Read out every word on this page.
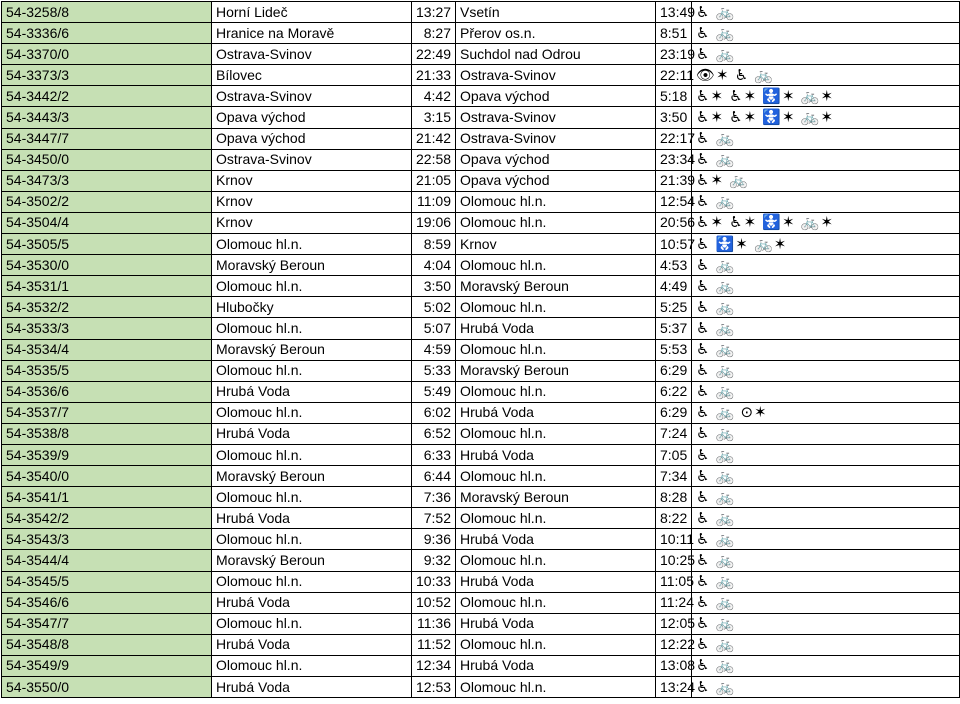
54-3258/8	Horní Lideč	13:27	Vsetín	13:49	♿ 🚲
54-3336/6	Hranice na Moravě	8:27	Přerov os.n.	8:51	♿ 🚲
54-3370/0	Ostrava-Svinov	22:49	Suchdol nad Odrou	23:19	♿ 🚲
54-3373/3	Bílovec	21:33	Ostrava-Svinov	22:11	👁✶ ♿ 🚲
54-3442/2	Ostrava-Svinov	4:42	Opava východ	5:18	♿✶ ♿✶ 🚼✶ 🚲✶
54-3443/3	Opava východ	3:15	Ostrava-Svinov	3:50	♿✶ ♿✶ 🚼✶ 🚲✶
54-3447/7	Opava východ	21:42	Ostrava-Svinov	22:17	♿ 🚲
54-3450/0	Ostrava-Svinov	22:58	Opava východ	23:34	♿ 🚲
54-3473/3	Krnov	21:05	Opava východ	21:39	♿✶ 🚲
54-3502/2	Krnov	11:09	Olomouc hl.n.	12:54	♿ 🚲
54-3504/4	Krnov	19:06	Olomouc hl.n.	20:56	♿✶ ♿✶ 🚼✶ 🚲✶
54-3505/5	Olomouc hl.n.	8:59	Krnov	10:57	♿ 🚼✶ 🚲✶
54-3530/0	Moravský Beroun	4:04	Olomouc hl.n.	4:53	♿ 🚲
54-3531/1	Olomouc hl.n.	3:50	Moravský Beroun	4:49	♿ 🚲
54-3532/2	Hlubočky	5:02	Olomouc hl.n.	5:25	♿ 🚲
54-3533/3	Olomouc hl.n.	5:07	Hrubá Voda	5:37	♿ 🚲
54-3534/4	Moravský Beroun	4:59	Olomouc hl.n.	5:53	♿ 🚲
54-3535/5	Olomouc hl.n.	5:33	Moravský Beroun	6:29	♿ 🚲
54-3536/6	Hrubá Voda	5:49	Olomouc hl.n.	6:22	♿ 🚲
54-3537/7	Olomouc hl.n.	6:02	Hrubá Voda	6:29	♿ 🚲 ⊙✶
54-3538/8	Hrubá Voda	6:52	Olomouc hl.n.	7:24	♿ 🚲
54-3539/9	Olomouc hl.n.	6:33	Hrubá Voda	7:05	♿ 🚲
54-3540/0	Moravský Beroun	6:44	Olomouc hl.n.	7:34	♿ 🚲
54-3541/1	Olomouc hl.n.	7:36	Moravský Beroun	8:28	♿ 🚲
54-3542/2	Hrubá Voda	7:52	Olomouc hl.n.	8:22	♿ 🚲
54-3543/3	Olomouc hl.n.	9:36	Hrubá Voda	10:11	♿ 🚲
54-3544/4	Moravský Beroun	9:32	Olomouc hl.n.	10:25	♿ 🚲
54-3545/5	Olomouc hl.n.	10:33	Hrubá Voda	11:05	♿ 🚲
54-3546/6	Hrubá Voda	10:52	Olomouc hl.n.	11:24	♿ 🚲
54-3547/7	Olomouc hl.n.	11:36	Hrubá Voda	12:05	♿ 🚲
54-3548/8	Hrubá Voda	11:52	Olomouc hl.n.	12:22	♿ 🚲
54-3549/9	Olomouc hl.n.	12:34	Hrubá Voda	13:08	♿ 🚲
54-3550/0	Hrubá Voda	12:53	Olomouc hl.n.	13:24	♿ 🚲
